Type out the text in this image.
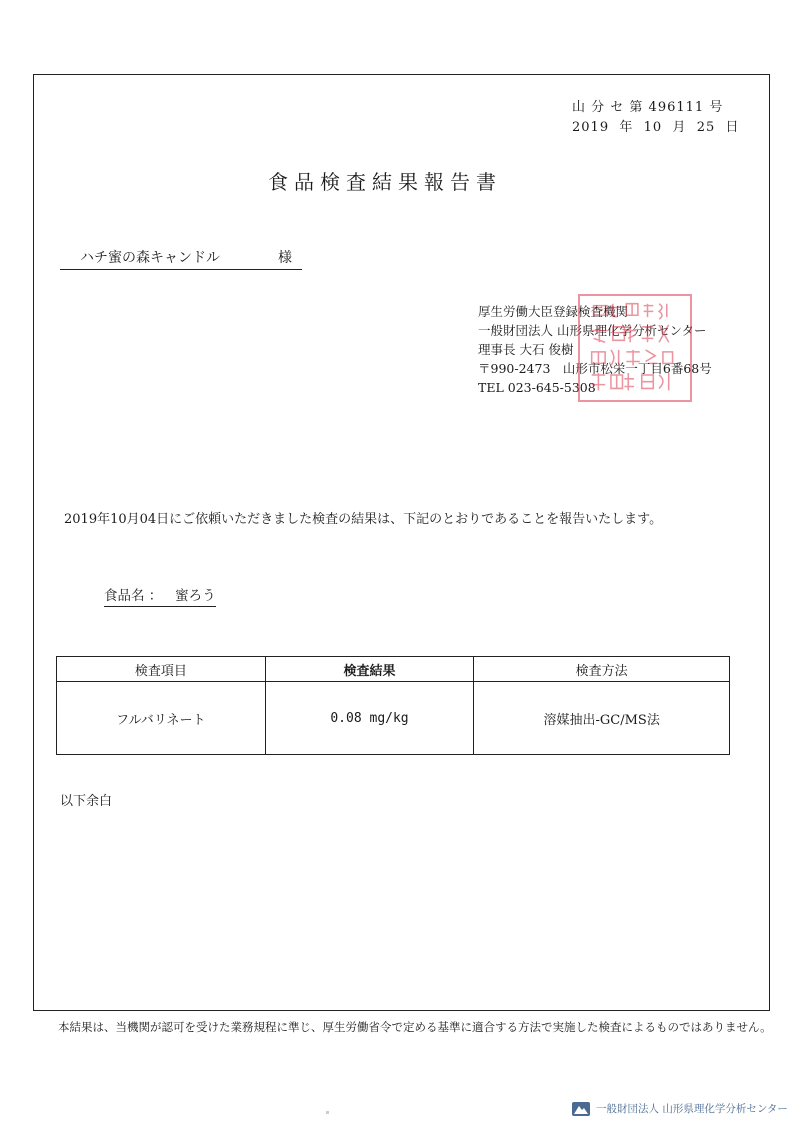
山 分 セ 第 496111 号
2019 年 10 月 25 日
食品検査結果報告書
ハチ蜜の森キャンドル	様
厚生労働大臣登録検査機関
一般財団法人 山形県理化学分析センター
理事長 大石 俊樹
〒990-2473　山形市松栄一丁目6番68号
TEL 023-645-5308
2019年10月04日にご依頼いただきました検査の結果は、下記のとおりであることを報告いたします。
食品名 ： 蜜ろう
検査項目	検査結果	検査方法
フルバリネート	0.08 mg/kg	溶媒抽出-GC/MS法
以下余白
本結果は、当機関が認可を受けた業務規程に準じ、厚生労働省令で定める基準に適合する方法で実施した検査によるものではありません。
一般財団法人 山形県理化学分析センター
